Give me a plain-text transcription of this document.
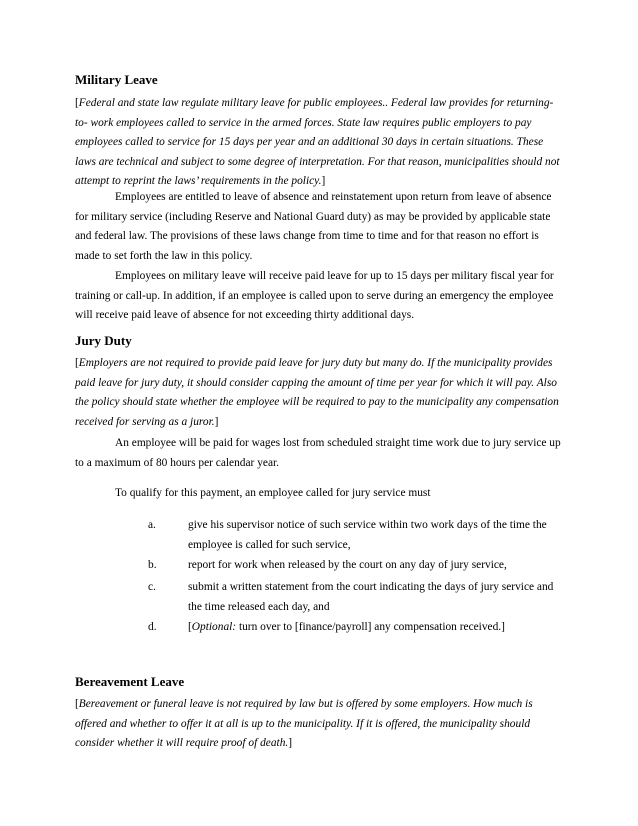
Military Leave
[Federal and state law regulate military leave for public employees.. Federal law provides for returning-to- work employees called to service in the armed forces. State law requires public employers to pay employees called to service for 15 days per year and an additional 30 days in certain situations. These laws are technical and subject to some degree of interpretation. For that reason, municipalities should not attempt to reprint the laws’ requirements in the policy.]
Employees are entitled to leave of absence and reinstatement upon return from leave of absence for military service (including Reserve and National Guard duty) as may be provided by applicable state and federal law. The provisions of these laws change from time to time and for that reason no effort is made to set forth the law in this policy.
Employees on military leave will receive paid leave for up to 15 days per military fiscal year for training or call-up. In addition, if an employee is called upon to serve during an emergency the employee will receive paid leave of absence for not exceeding thirty additional days.
Jury Duty
[Employers are not required to provide paid leave for jury duty but many do. If the municipality provides paid leave for jury duty, it should consider capping the amount of time per year for which it will pay. Also the policy should state whether the employee will be required to pay to the municipality any compensation received for serving as a juror.]
An employee will be paid for wages lost from scheduled straight time work due to jury service up to a maximum of 80 hours per calendar year.
To qualify for this payment, an employee called for jury service must
a.	give his supervisor notice of such service within two work days of the time the employee is called for such service,
b.	report for work when released by the court on any day of jury service,
c.	submit a written statement from the court indicating the days of jury service and the time released each day, and
d.	[Optional: turn over to [finance/payroll] any compensation received.]
Bereavement Leave
[Bereavement or funeral leave is not required by law but is offered by some employers. How much is offered and whether to offer it at all is up to the municipality. If it is offered, the municipality should consider whether it will require proof of death.]
